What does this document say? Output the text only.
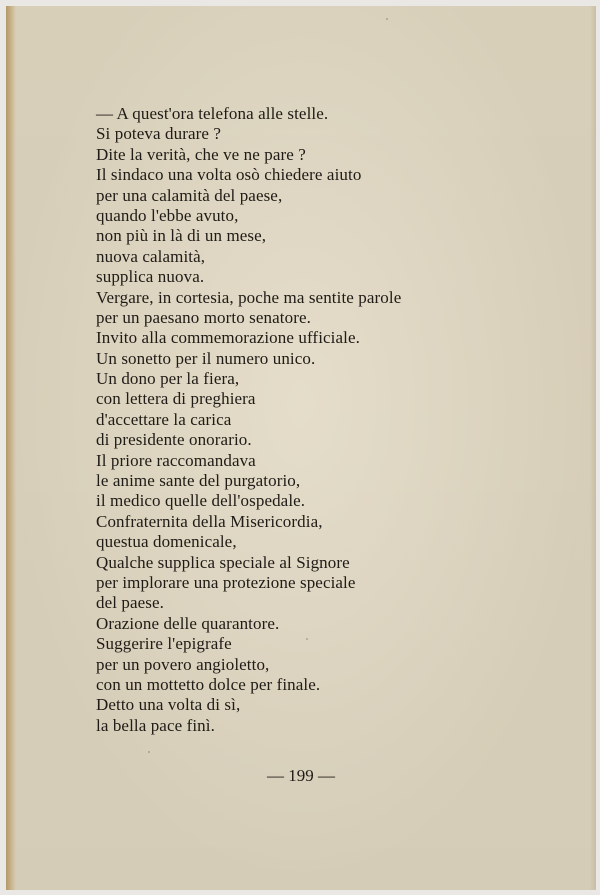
— A quest'ora telefona alle stelle.
Si poteva durare ?
Dite la verità, che ve ne pare ?
Il sindaco una volta osò chiedere aiuto
per una calamità del paese,
quando l'ebbe avuto,
non più in là di un mese,
nuova calamità,
supplica nuova.
Vergare, in cortesia, poche ma sentite parole
per un paesano morto senatore.
Invito alla commemorazione ufficiale.
Un sonetto per il numero unico.
Un dono per la fiera,
con lettera di preghiera
d'accettare la carica
di presidente onorario.
Il priore raccomandava
le anime sante del purgatorio,
il medico quelle dell'ospedale.
Confraternita della Misericordia,
questua domenicale,
Qualche supplica speciale al Signore
per implorare una protezione speciale
del paese.
Orazione delle quarantore.
Suggerire l'epigrafe
per un povero angioletto,
con un mottetto dolce per finale.
Detto una volta di sì,
la bella pace finì.
— 199 —
